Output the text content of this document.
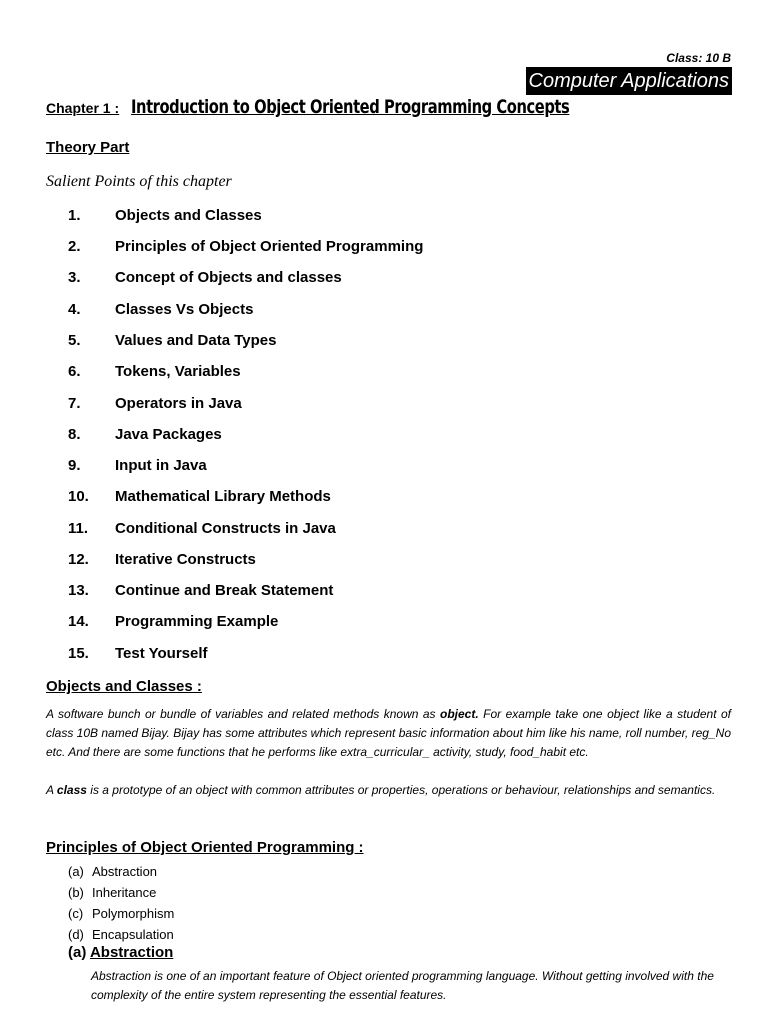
Class: 10 B
Computer Applications
Chapter 1 : Introduction to Object Oriented Programming Concepts
Theory Part
Salient Points of this chapter
1.	Objects and Classes
2.	Principles of Object Oriented Programming
3.	Concept of Objects and classes
4.	Classes Vs Objects
5.	Values and Data Types
6.	Tokens, Variables
7.	Operators in Java
8.	Java Packages
9.	Input in Java
10.	Mathematical Library Methods
11.	Conditional Constructs in Java
12.	Iterative Constructs
13.	Continue and Break Statement
14.	Programming Example
15.	Test Yourself
Objects and Classes :
A software bunch or bundle of variables and related methods known as object. For example take one object like a student of class 10B named Bijay. Bijay has some attributes which represent basic information about him like his name, roll number, reg_No etc. And there are some functions that he performs like extra_curricular_ activity, study, food_habit etc.
A class is a prototype of an object with common attributes or properties, operations or behaviour, relationships and semantics.
Principles of Object Oriented Programming :
(a) Abstraction
(b) Inheritance
(c) Polymorphism
(d) Encapsulation
(a) Abstraction
Abstraction is one of an important feature of Object oriented programming language. Without getting involved with the complexity of the entire system representing the essential features.
